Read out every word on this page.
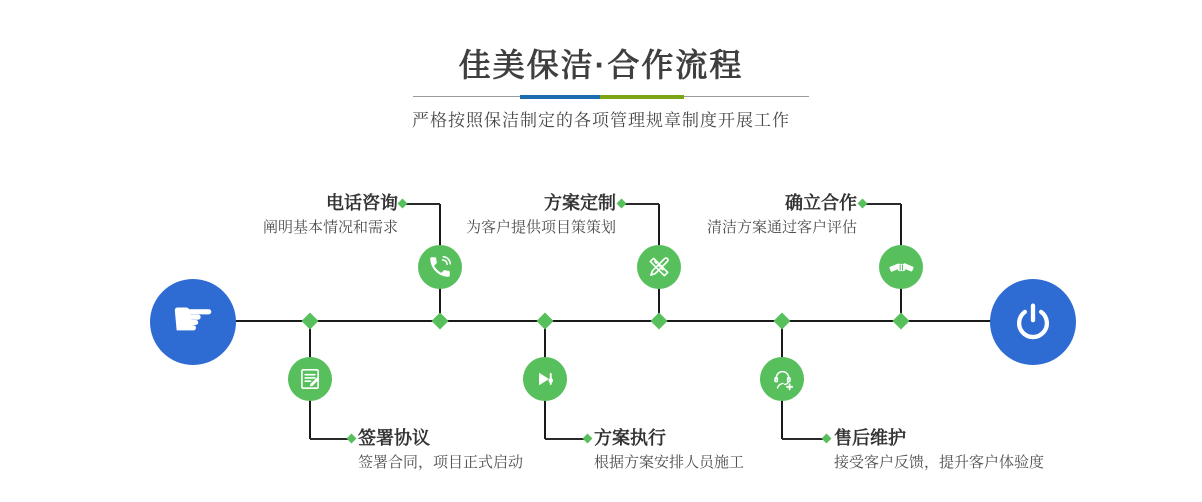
佳美保洁·合作流程

严格按照保洁制定的各项管理规章制度开展工作

☛
电话咨询
阐明基本情况和需求
方案定制
为客户提供项目策策划
确立合作
清洁方案通过客户评估
签署协议
签署合同，项目正式启动
方案执行
根据方案安排人员施工
售后维护
接受客户反馈，提升客户体验度
